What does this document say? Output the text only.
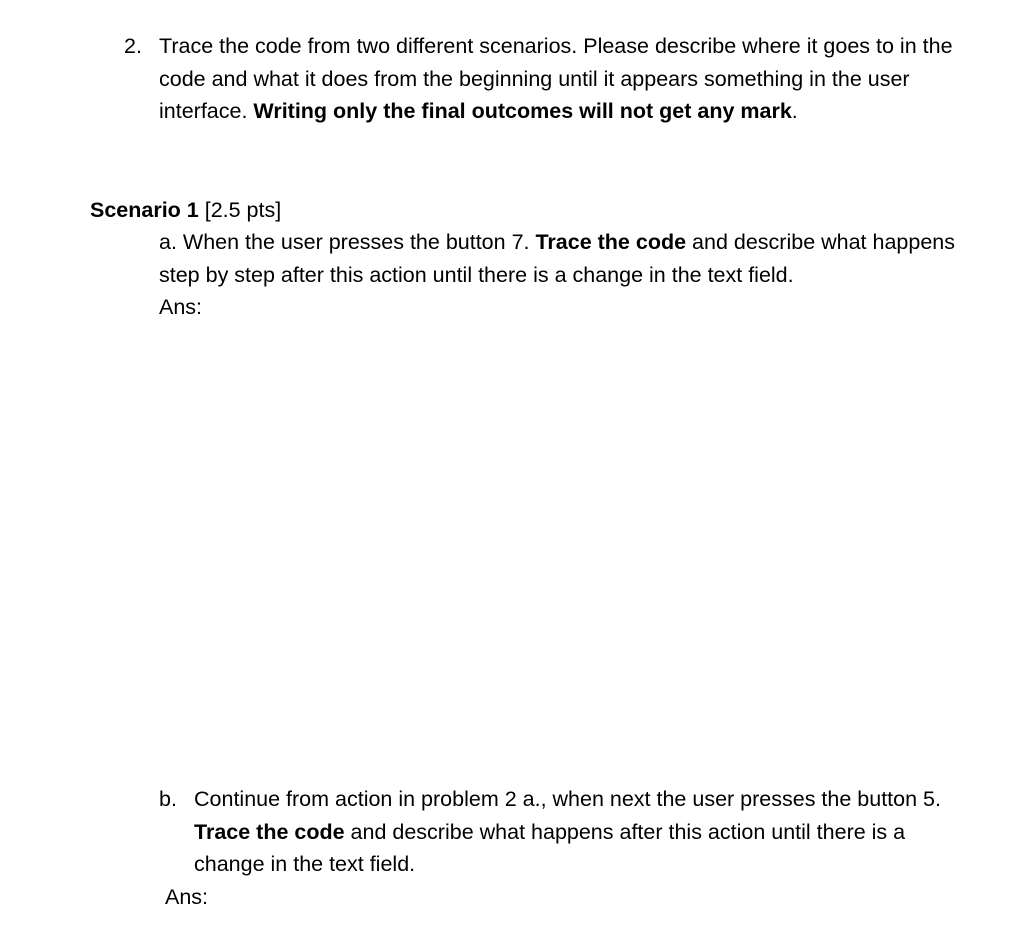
2. Trace the code from two different scenarios. Please describe where it goes to in the code and what it does from the beginning until it appears something in the user interface. Writing only the final outcomes will not get any mark.
Scenario 1 [2.5 pts]
a. When the user presses the button 7. Trace the code and describe what happens step by step after this action until there is a change in the text field.
Ans:
b. Continue from action in problem 2 a., when next the user presses the button 5. Trace the code and describe what happens after this action until there is a change in the text field.
Ans:
